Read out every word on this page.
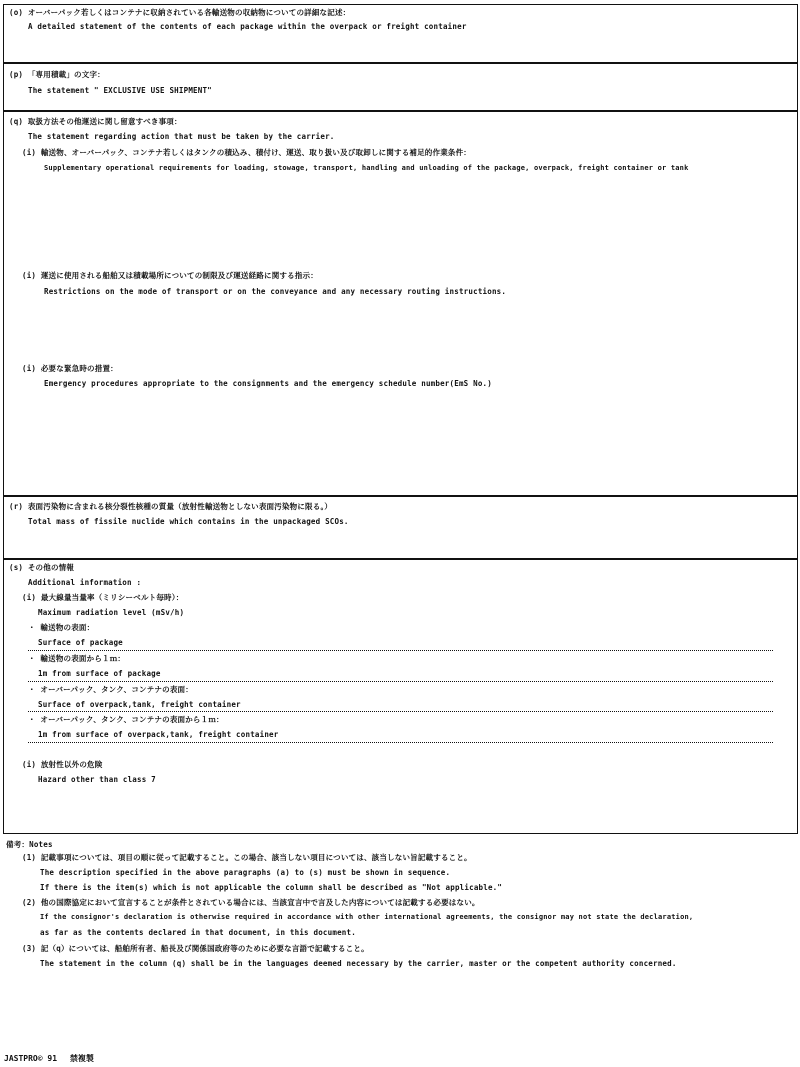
(o) オーバーパック若しくはコンテナに収納されている各輸送物の収納物についての詳細な記述：
A detailed statement of the contents of each package within the overpack or freight container
(p) 「専用積載」の文字：
The statement " EXCLUSIVE USE SHIPMENT"
(q) 取扱方法その他運送に関し留意すべき事項：
The statement regarding action that must be taken by the carrier.
(i) 輸送物、オーバーパック、コンテナ若しくはタンクの積込み、積付け、運送、取り扱い及び取卸しに関する補足的作業条件：
Supplementary operational requirements for loading, stowage, transport, handling and unloading of the package, overpack, freight container or tank
(i) 運送に使用される船舶又は積載場所についての制限及び運送経路に関する指示：
Restrictions on the mode of transport or on the conveyance and any necessary routing instructions.
(i) 必要な緊急時の措置：
Emergency procedures appropriate to the consignments and the emergency schedule number(EmS No.)
(r) 表面汚染物に含まれる核分裂性核種の質量（放射性輸送物としない表面汚染物に限る。）
Total mass of fissile nuclide which contains in the unpackaged SCOs.
(s) その他の情報
Additional information :
(i) 最大線量当量率（ミリシーベルト毎時）：
Maximum radiation level (mSv/h)
・ 輸送物の表面：
Surface of package
・ 輸送物の表面から１ｍ：
1m from surface of package
・ オーバーパック、タンク、コンテナの表面：
Surface of overpack,tank, freight container
・ オーバーパック、タンク、コンテナの表面から１ｍ：
1m from surface of overpack,tank, freight container
(i) 放射性以外の危険
Hazard other than class 7
備考：Notes
(1) 記載事項については、項目の順に従って記載すること。この場合、該当しない項目については、該当しない旨記載すること。
The description specified in the above paragraphs (a) to (s) must be shown in sequence.
If there is the item(s) which is not applicable the column shall be described as "Not applicable."
(2) 他の国際協定において宣言することが条件とされている場合には、当該宣言中で言及した内容については記載する必要はない。
If the consignor's declaration is otherwise required in accordance with other international agreements, the consignor may not state the declaration,
as far as the contents declared in that document, in this document.
(3) 記（q）については、船舶所有者、船長及び関係国政府等のために必要な言語で記載すること。
The statement in the column (q) shall be in the languages deemed necessary by the carrier, master or the competent authority concerned.
JASTPRO© 91 禁複製
